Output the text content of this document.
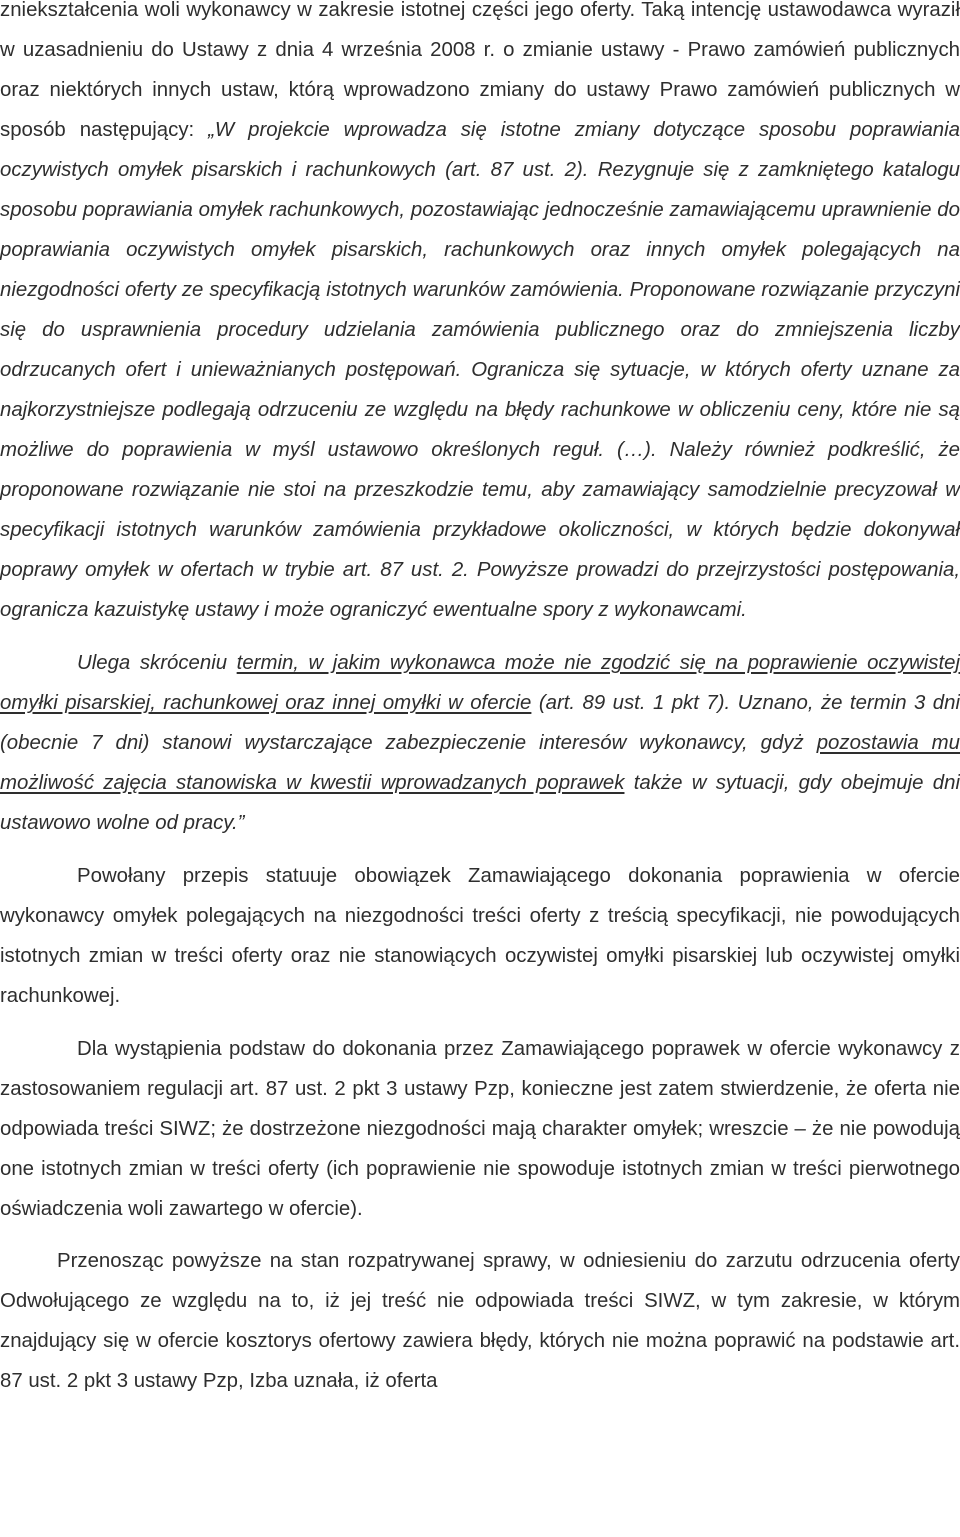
zniekształcenia woli wykonawcy w zakresie istotnej części jego oferty. Taką intencję ustawodawca wyraził w uzasadnieniu do Ustawy z dnia 4 września 2008 r. o zmianie ustawy - Prawo zamówień publicznych oraz niektórych innych ustaw, którą wprowadzono zmiany do ustawy Prawo zamówień publicznych w sposób następujący: „W projekcie wprowadza się istotne zmiany dotyczące sposobu poprawiania oczywistych omyłek pisarskich i rachunkowych (art. 87 ust. 2). Rezygnuje się z zamkniętego katalogu sposobu poprawiania omyłek rachunkowych, pozostawiając jednocześnie zamawiającemu uprawnienie do poprawiania oczywistych omyłek pisarskich, rachunkowych oraz innych omyłek polegających na niezgodności oferty ze specyfikacją istotnych warunków zamówienia. Proponowane rozwiązanie przyczyni się do usprawnienia procedury udzielania zamówienia publicznego oraz do zmniejszenia liczby odrzucanych ofert i unieważnianych postępowań. Ogranicza się sytuacje, w których oferty uznane za najkorzystniejsze podlegają odrzuceniu ze względu na błędy rachunkowe w obliczeniu ceny, które nie są możliwe do poprawienia w myśl ustawowo określonych reguł. (…). Należy również podkreślić, że proponowane rozwiązanie nie stoi na przeszkodzie temu, aby zamawiający samodzielnie precyzował w specyfikacji istotnych warunków zamówienia przykładowe okoliczności, w których będzie dokonywał poprawy omyłek w ofertach w trybie art. 87 ust. 2. Powyższe prowadzi do przejrzystości postępowania, ogranicza kazuistykę ustawy i może ograniczyć ewentualne spory z wykonawcami.

Ulega skróceniu termin, w jakim wykonawca może nie zgodzić się na poprawienie oczywistej omyłki pisarskiej, rachunkowej oraz innej omyłki w ofercie (art. 89 ust. 1 pkt 7). Uznano, że termin 3 dni (obecnie 7 dni) stanowi wystarczające zabezpieczenie interesów wykonawcy, gdyż pozostawia mu możliwość zajęcia stanowiska w kwestii wprowadzanych poprawek także w sytuacji, gdy obejmuje dni ustawowo wolne od pracy.”

Powołany przepis statuuje obowiązek Zamawiającego dokonania poprawienia w ofercie wykonawcy omyłek polegających na niezgodności treści oferty z treścią specyfikacji, nie powodujących istotnych zmian w treści oferty oraz nie stanowiących oczywistej omyłki pisarskiej lub oczywistej omyłki rachunkowej.

Dla wystąpienia podstaw do dokonania przez Zamawiającego poprawek w ofercie wykonawcy z zastosowaniem regulacji art. 87 ust. 2 pkt 3 ustawy Pzp, konieczne jest zatem stwierdzenie, że oferta nie odpowiada treści SIWZ; że dostrzeżone niezgodności mają charakter omyłek; wreszcie – że nie powodują one istotnych zmian w treści oferty (ich poprawienie nie spowoduje istotnych zmian w treści pierwotnego oświadczenia woli zawartego w ofercie).

Przenosząc powyższe na stan rozpatrywanej sprawy, w odniesieniu do zarzutu odrzucenia oferty Odwołującego ze względu na to, iż jej treść nie odpowiada treści SIWZ, w tym zakresie, w którym znajdujący się w ofercie kosztorys ofertowy zawiera błędy, których nie można poprawić na podstawie art. 87 ust. 2 pkt 3 ustawy Pzp, Izba uznała, iż oferta
